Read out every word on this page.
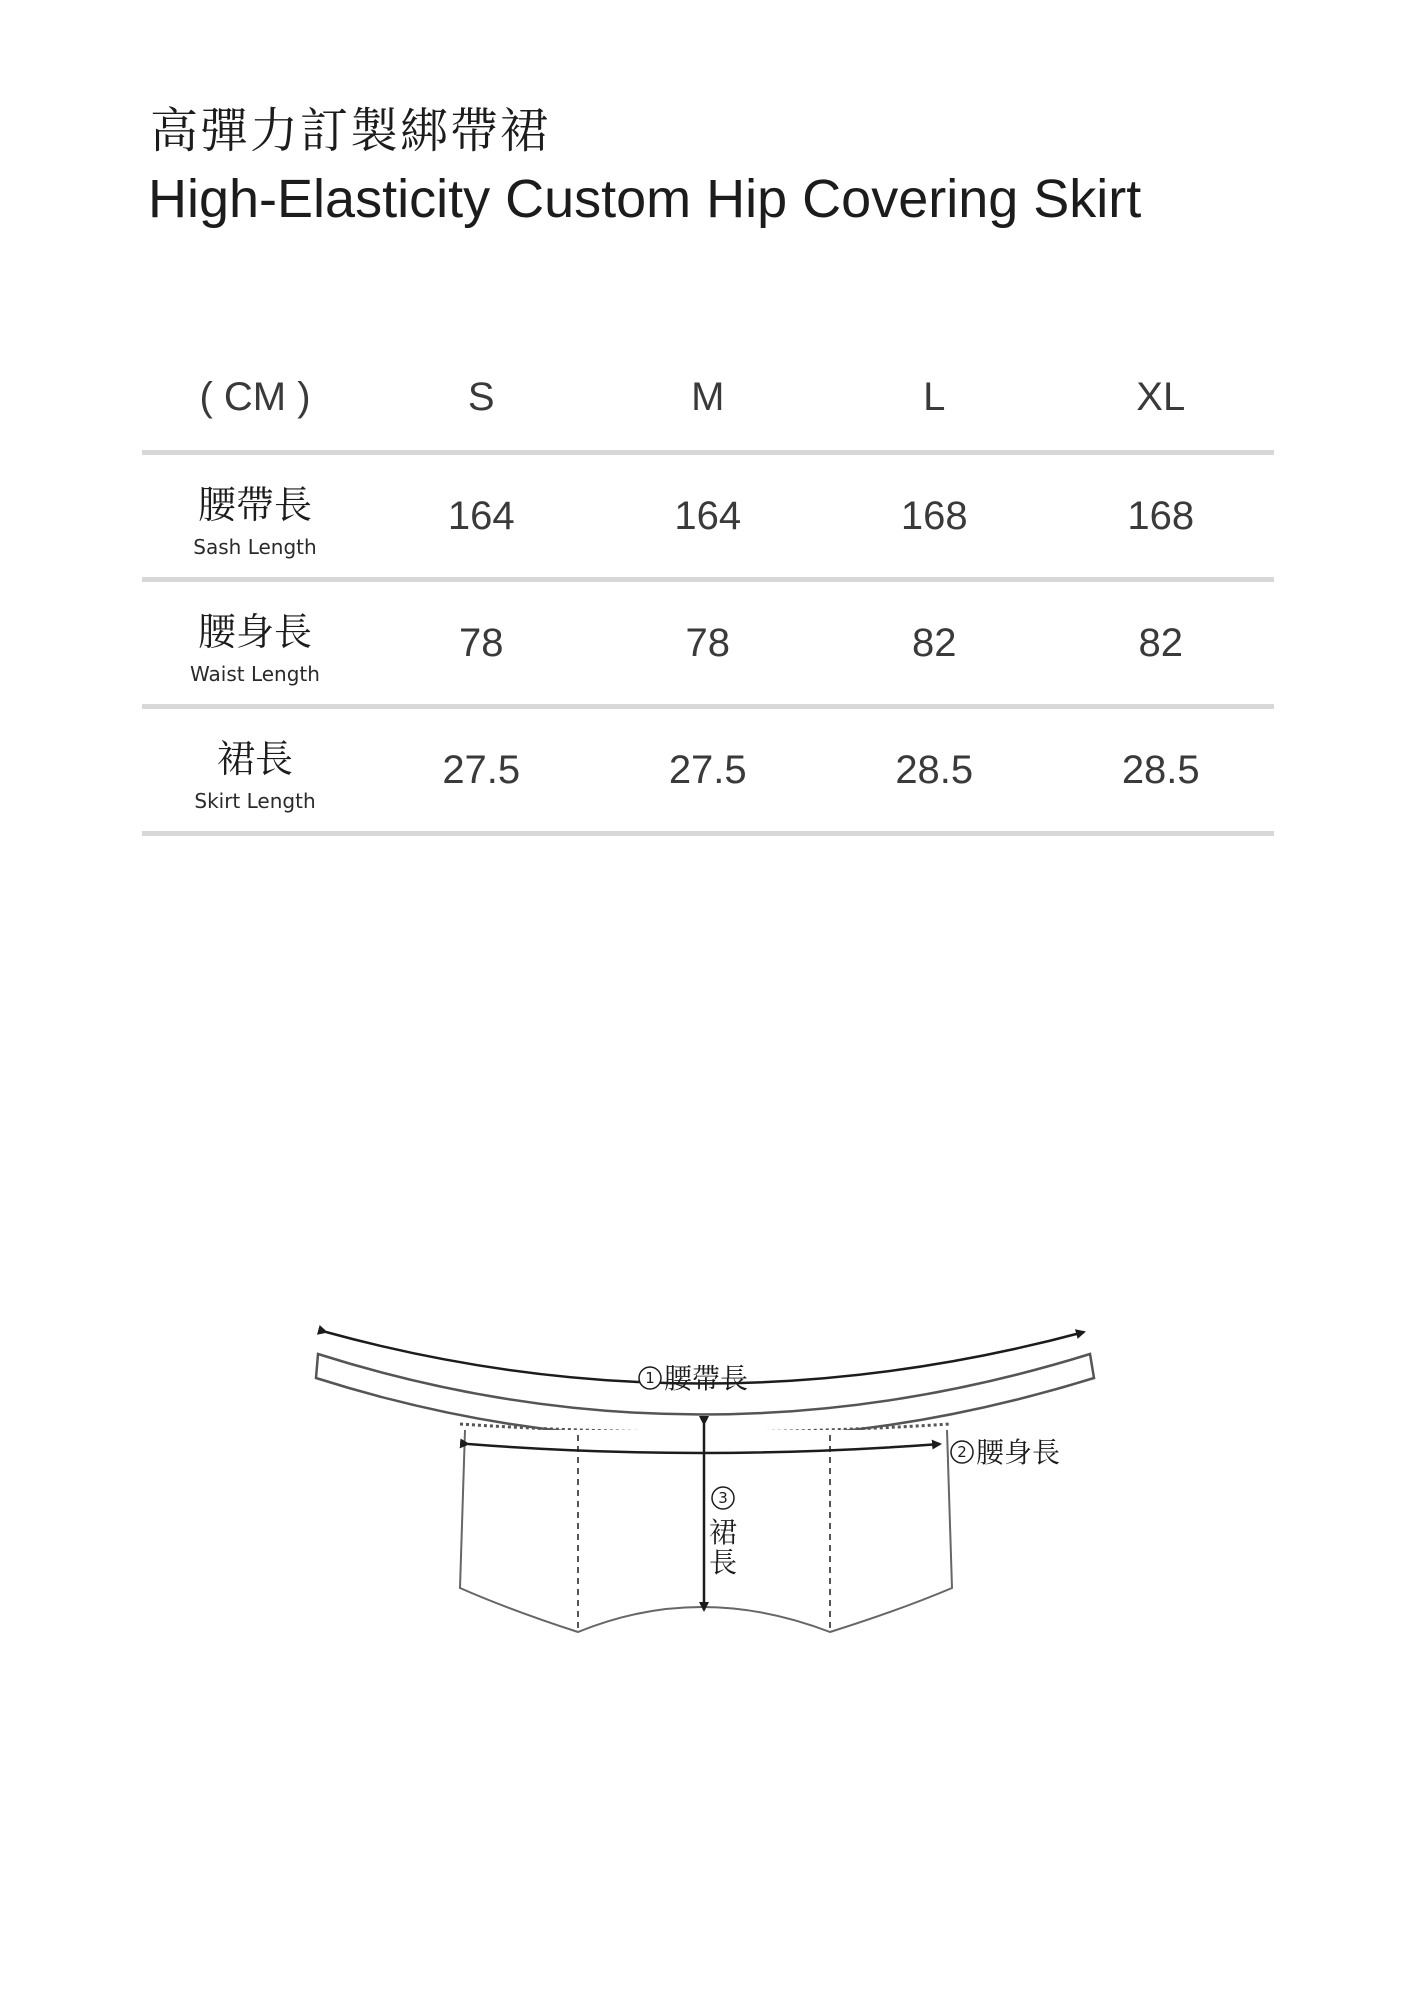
高彈力訂製綁帶裙
High-Elasticity Custom Hip Covering Skirt
( CM )	S	M	L	XL

腰帶長
Sash Length	164	164	168	168

腰身長
Waist Length	78	78	82	82

裙長
Skirt Length	27.5	27.5	28.5	28.5
1 腰帶長
2 腰身長
3
裙
長
